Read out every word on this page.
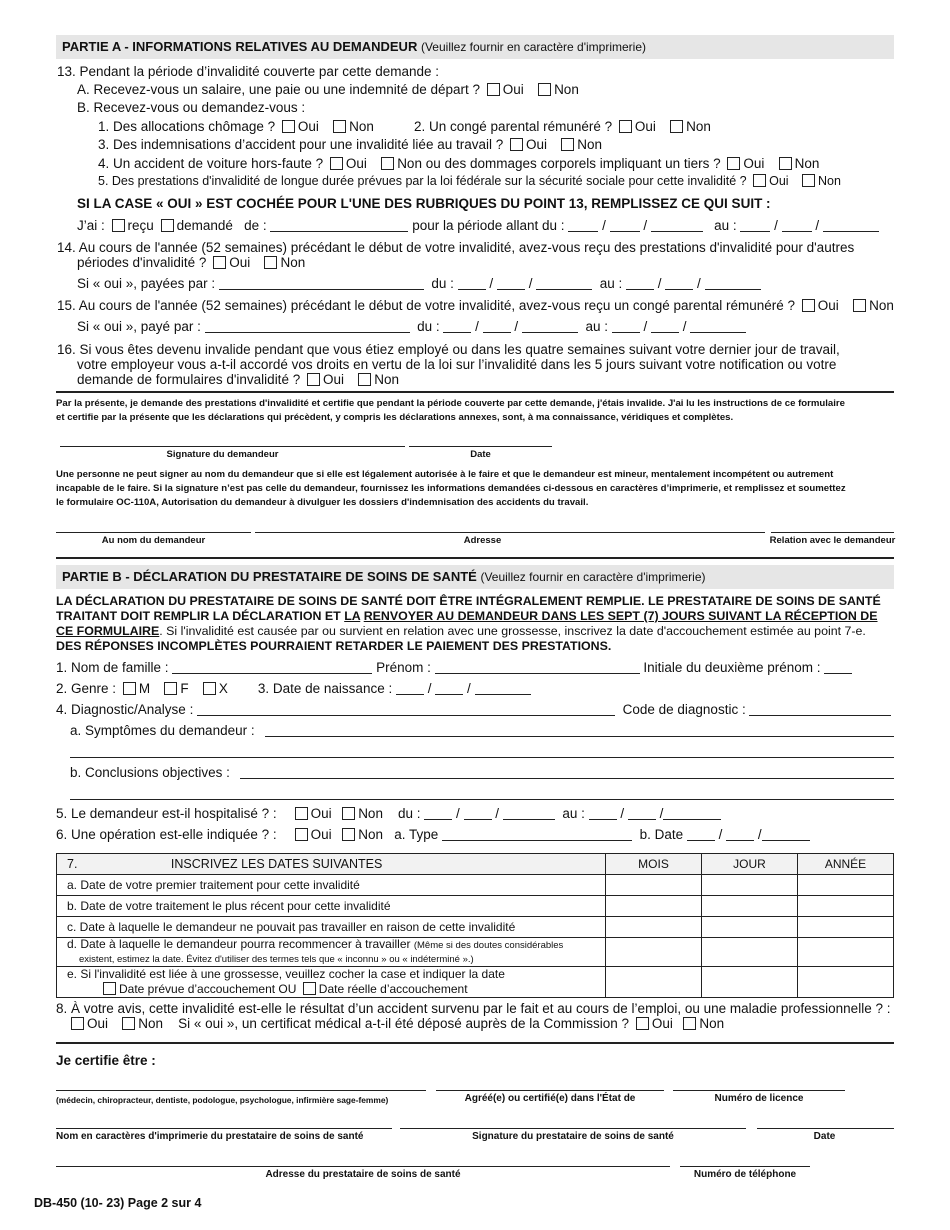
PARTIE A - INFORMATIONS RELATIVES AU DEMANDEUR (Veuillez fournir en caractère d'imprimerie)
13. Pendant la période d’invalidité couverte par cette demande :
A. Recevez-vous un salaire, une paie ou une indemnité de départ ? Oui Non
B. Recevez-vous ou demandez-vous :
1. Des allocations chômage ? Oui Non	2. Un congé parental rémunéré ? Oui Non
3. Des indemnisations d’accident pour une invalidité liée au travail ? Oui Non
4. Un accident de voiture hors-faute ? Oui Non ou des dommages corporels impliquant un tiers ? Oui Non
5. Des prestations d'invalidité de longue durée prévues par la loi fédérale sur la sécurité sociale pour cette invalidité ? Oui Non
SI LA CASE « OUI » EST COCHÉE POUR L'UNE DES RUBRIQUES DU POINT 13, REMPLISSEZ CE QUI SUIT :
J’ai : reçu demandé de :	pour la période allant du :	/  /	au :	/  /
14. Au cours de l'année (52 semaines) précédant le début de votre invalidité, avez-vous reçu des prestations d'invalidité pour d'autres
périodes d'invalidité ? Oui Non
Si « oui », payées par :	du :  /  /	au :  /  /
15. Au cours de l'année (52 semaines) précédant le début de votre invalidité, avez-vous reçu un congé parental rémunéré ? Oui Non
Si « oui », payé par :	du :  /  /	au :  /  /
16. Si vous êtes devenu invalide pendant que vous étiez employé ou dans les quatre semaines suivant votre dernier jour de travail,
votre employeur vous a-t-il accordé vos droits en vertu de la loi sur l’invalidité dans les 5 jours suivant votre notification ou votre
demande de formulaires d'invalidité ? Oui Non
Par la présente, je demande des prestations d'invalidité et certifie que pendant la période couverte par cette demande, j'étais invalide. J'ai lu les instructions de ce formulaire
et certifie par la présente que les déclarations qui précèdent, y compris les déclarations annexes, sont, à ma connaissance, véridiques et complètes.
Signature du demandeur	Date
Une personne ne peut signer au nom du demandeur que si elle est légalement autorisée à le faire et que le demandeur est mineur, mentalement incompétent ou autrement
incapable de le faire. Si la signature n’est pas celle du demandeur, fournissez les informations demandées ci-dessous en caractères d’imprimerie, et remplissez et soumettez
le formulaire OC-110A, Autorisation du demandeur à divulguer les dossiers d'indemnisation des accidents du travail.
Au nom du demandeur	Adresse	Relation avec le demandeur
PARTIE B - DÉCLARATION DU PRESTATAIRE DE SOINS DE SANTÉ (Veuillez fournir en caractère d'imprimerie)
LA DÉCLARATION DU PRESTATAIRE DE SOINS DE SANTÉ DOIT ÊTRE INTÉGRALEMENT REMPLIE. LE PRESTATAIRE DE SOINS DE SANTÉ
TRAITANT DOIT REMPLIR LA DÉCLARATION ET LA RENVOYER AU DEMANDEUR DANS LES SEPT (7) JOURS SUIVANT LA RÉCEPTION DE
CE FORMULAIRE. Si l'invalidité est causée par ou survient en relation avec une grossesse, inscrivez la date d'accouchement estimée au point 7-e.
DES RÉPONSES INCOMPLÈTES POURRAIENT RETARDER LE PAIEMENT DES PRESTATIONS.
1. Nom de famille :	Prénom :	Initiale du deuxième prénom :
2. Genre : M F X 3. Date de naissance :  /  /
4. Diagnostic/Analyse :	Code de diagnostic :
a. Symptômes du demandeur :
b. Conclusions objectives :
5. Le demandeur est-il hospitalisé ? :	Oui Non du :  /  /	au :  /  /
6. Une opération est-elle indiquée ? :	Oui Non a. Type	b. Date  /  /
7. INSCRIVEZ LES DATES SUIVANTES	MOIS	JOUR	ANNÉE
a. Date de votre premier traitement pour cette invalidité			
b. Date de votre traitement le plus récent pour cette invalidité			
c. Date à laquelle le demandeur ne pouvait pas travailler en raison de cette invalidité			
d. Date à laquelle le demandeur pourra recommencer à travailler (Même si des doutes considérables
existent, estimez la date. Évitez d'utiliser des termes tels que « inconnu » ou « indéterminé ».)			
e. Si l'invalidité est liée à une grossesse, veuillez cocher la case et indiquer la date
Date prévue d’accouchement OU Date réelle d’accouchement			
8. À votre avis, cette invalidité est-elle le résultat d’un accident survenu par le fait et au cours de l’emploi, ou une maladie professionnelle ? :
Oui Non Si « oui », un certificat médical a-t-il été déposé auprès de la Commission ? Oui Non
Je certifie être :
(médecin, chiropracteur, dentiste, podologue, psychologue, infirmière sage-femme)	Agréé(e) ou certifié(e) dans l'État de	Numéro de licence
Nom en caractères d'imprimerie du prestataire de soins de santé	Signature du prestataire de soins de santé	Date
Adresse du prestataire de soins de santé	Numéro de téléphone
DB-450 (10- 23) Page 2 sur 4
